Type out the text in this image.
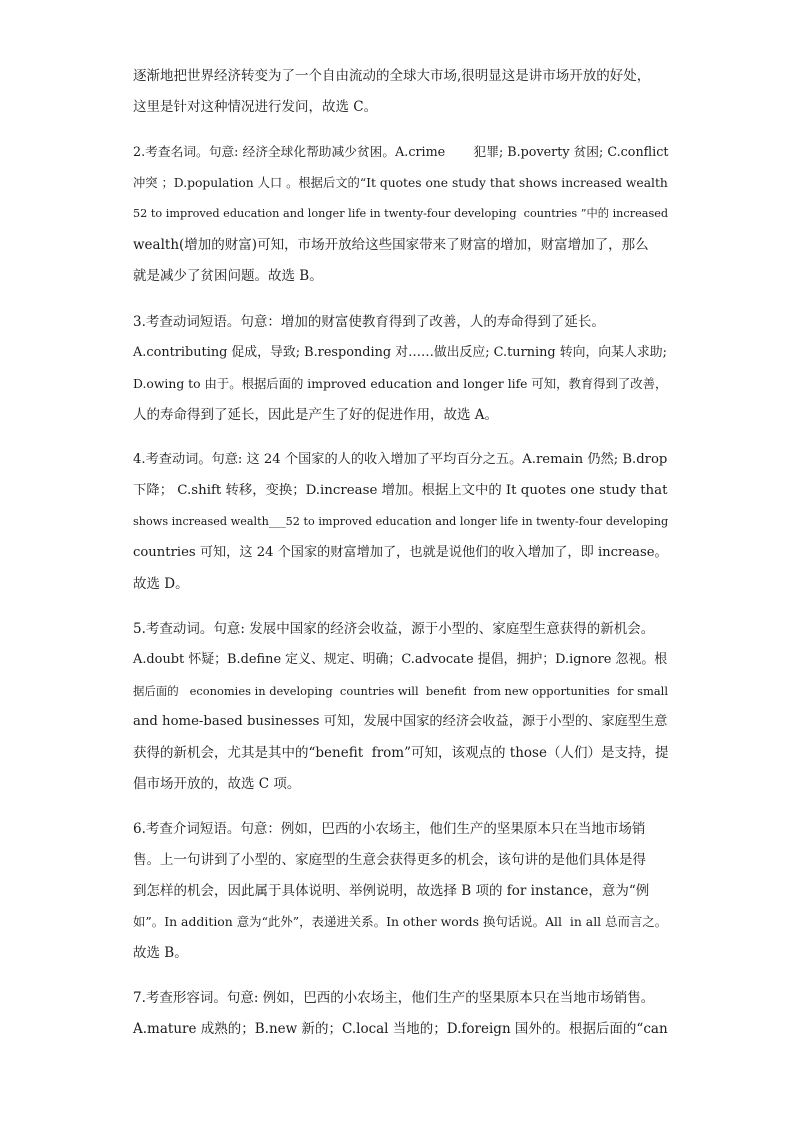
逐渐地把世界经济转变为了一个自由流动的全球大市场,很明显这是讲市场开放的好处，
这里是针对这种情况进行发问，故选 C。
2.考查名词。句意: 经济全球化帮助减少贫困。A.crime       犯罪; B.poverty 贫困; C.conflict
冲突 ；D.population 人口 。根据后文的“It quotes one study that shows increased wealth
52 to improved education and longer life in twenty-four developing  countries ”中的 increased
wealth(增加的财富)可知，市场开放给这些国家带来了财富的增加，财富增加了，那么
就是减少了贫困问题。故选 B。
3.考查动词短语。句意：增加的财富使教育得到了改善，人的寿命得到了延长。
A.contributing 促成，导致; B.responding 对……做出反应; C.turning 转向，向某人求助;
D.owing to 由于。根据后面的 improved education and longer life 可知，教育得到了改善，
人的寿命得到了延长，因此是产生了好的促进作用，故选 A。
4.考查动词。句意: 这 24 个国家的人的收入增加了平均百分之五。A.remain 仍然; B.drop
下降； C.shift 转移，变换；D.increase 增加。根据上文中的 It quotes one study that
shows increased wealth___52 to improved education and longer life in twenty-four developing
countries 可知，这 24 个国家的财富增加了，也就是说他们的收入增加了，即 increase。
故选 D。
5.考查动词。句意: 发展中国家的经济会收益，源于小型的、家庭型生意获得的新机会。
A.doubt 怀疑；B.define 定义、规定、明确；C.advocate 提倡，拥护；D.ignore 忽视。根
据后面的   economies in developing  countries will  benefit  from new opportunities  for small
and home-based businesses 可知，发展中国家的经济会收益，源于小型的、家庭型生意
获得的新机会，尤其是其中的“benefit  from”可知，该观点的 those（人们）是支持，提
倡市场开放的，故选 C 项。
6.考查介词短语。句意：例如，巴西的小农场主，他们生产的坚果原本只在当地市场销
售。上一句讲到了小型的、家庭型的生意会获得更多的机会，该句讲的是他们具体是得
到怎样的机会，因此属于具体说明、举例说明，故选择 B 项的 for instance，意为“例
如”。In addition 意为“此外”，表递进关系。In other words 换句话说。All  in all 总而言之。
故选 B。
7.考查形容词。句意: 例如，巴西的小农场主，他们生产的坚果原本只在当地市场销售。
A.mature 成熟的；B.new 新的；C.local 当地的；D.foreign 国外的。根据后面的“can
